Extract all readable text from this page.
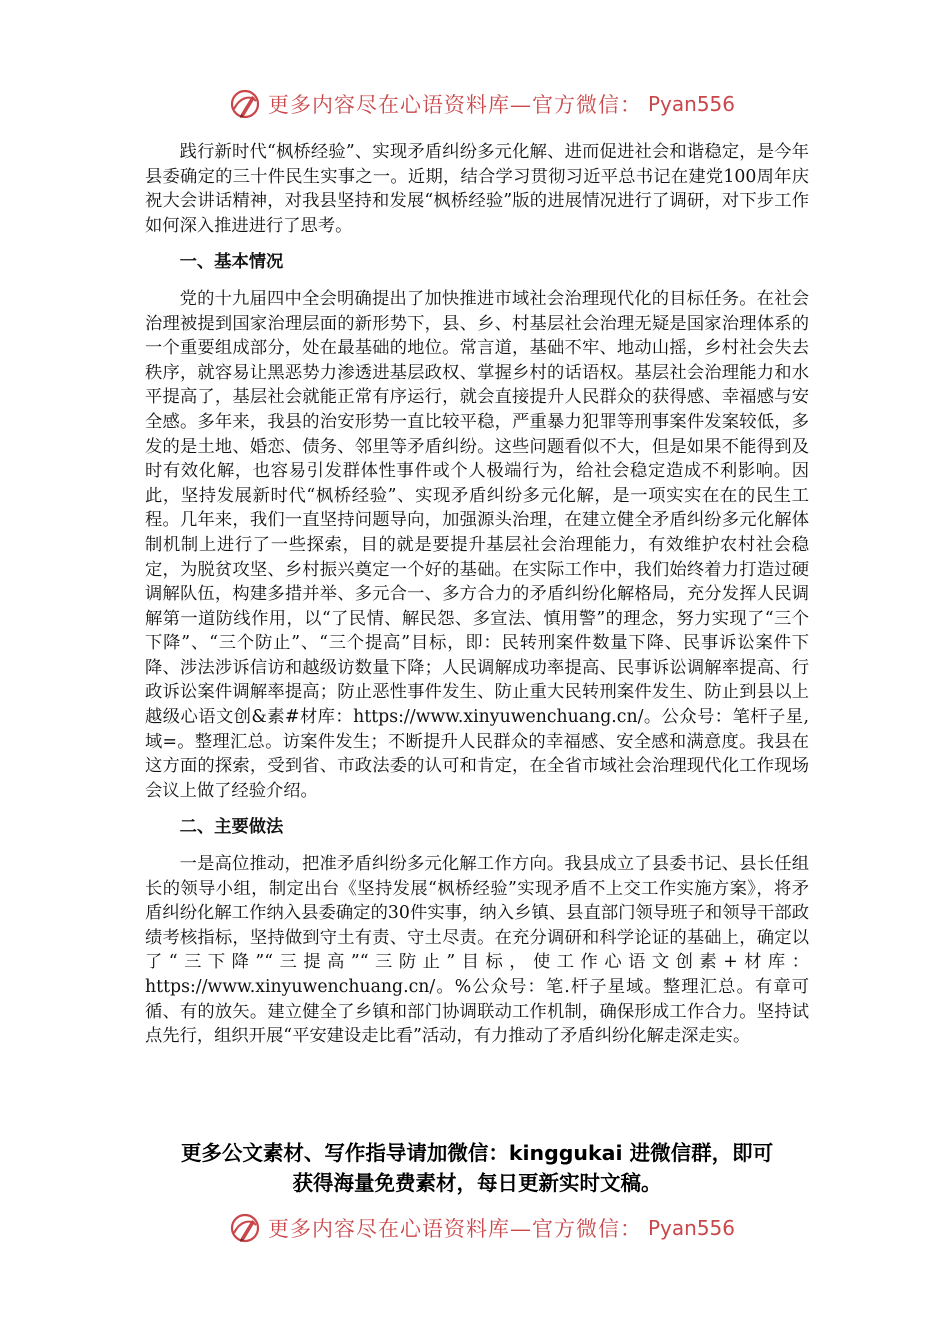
更多内容尽在心语资料库—官方微信： Pyan556

践行新时代“枫桥经验”、实现矛盾纠纷多元化解、进而促进社会和谐稳定，是今年县委确定的三十件民生实事之一。近期，结合学习贯彻习近平总书记在建党100周年庆祝大会讲话精神，对我县坚持和发展“枫桥经验”版的进展情况进行了调研，对下步工作如何深入推进进行了思考。

一、基本情况

党的十九届四中全会明确提出了加快推进市域社会治理现代化的目标任务。在社会治理被提到国家治理层面的新形势下，县、乡、村基层社会治理无疑是国家治理体系的一个重要组成部分，处在最基础的地位。常言道，基础不牢、地动山摇，乡村社会失去秩序，就容易让黑恶势力渗透进基层政权、掌握乡村的话语权。基层社会治理能力和水平提高了，基层社会就能正常有序运行，就会直接提升人民群众的获得感、幸福感与安全感。多年来，我县的治安形势一直比较平稳，严重暴力犯罪等刑事案件发案较低，多发的是土地、婚恋、债务、邻里等矛盾纠纷。这些问题看似不大，但是如果不能得到及时有效化解，也容易引发群体性事件或个人极端行为，给社会稳定造成不利影响。因此，坚持发展新时代“枫桥经验”、实现矛盾纠纷多元化解，是一项实实在在的民生工程。几年来，我们一直坚持问题导向，加强源头治理，在建立健全矛盾纠纷多元化解体制机制上进行了一些探索，目的就是要提升基层社会治理能力，有效维护农村社会稳定，为脱贫攻坚、乡村振兴奠定一个好的基础。在实际工作中，我们始终着力打造过硬调解队伍，构建多措并举、多元合一、多方合力的矛盾纠纷化解格局，充分发挥人民调解第一道防线作用，以“了民情、解民怨、多宣法、慎用警”的理念，努力实现了“三个下降”、“三个防止”、“三个提高”目标，即：民转刑案件数量下降、民事诉讼案件下降、涉法涉诉信访和越级访数量下降；人民调解成功率提高、民事诉讼调解率提高、行政诉讼案件调解率提高；防止恶性事件发生、防止重大民转刑案件发生、防止到县以上越级心语文创&素#材库：https://www.xinyuwenchuang.cn/。公众号：笔杆子星,域=。整理汇总。访案件发生；不断提升人民群众的幸福感、安全感和满意度。我县在这方面的探索，受到省、市政法委的认可和肯定，在全省市域社会治理现代化工作现场会议上做了经验介绍。

二、主要做法

一是高位推动，把准矛盾纠纷多元化解工作方向。我县成立了县委书记、县长任组长的领导小组，制定出台《坚持发展“枫桥经验”实现矛盾不上交工作实施方案》，将矛盾纠纷化解工作纳入县委确定的30件实事，纳入乡镇、县直部门领导班子和领导干部政绩考核指标，坚持做到守土有责、守土尽责。在充分调研和科学论证的基础上，确定以了“三下降”“三提高”“三防止”目标，使工作心语文创素+材库：https://www.xinyuwenchuang.cn/。%公众号：笔.杆子星域。整理汇总。有章可循、有的放矢。建立健全了乡镇和部门协调联动工作机制，确保形成工作合力。坚持试点先行，组织开展“平安建设走比看”活动，有力推动了矛盾纠纷化解走深走实。

更多公文素材、写作指导请加微信：kinggukai 进微信群，即可
获得海量免费素材，每日更新实时文稿。
更多内容尽在心语资料库—官方微信： Pyan556
